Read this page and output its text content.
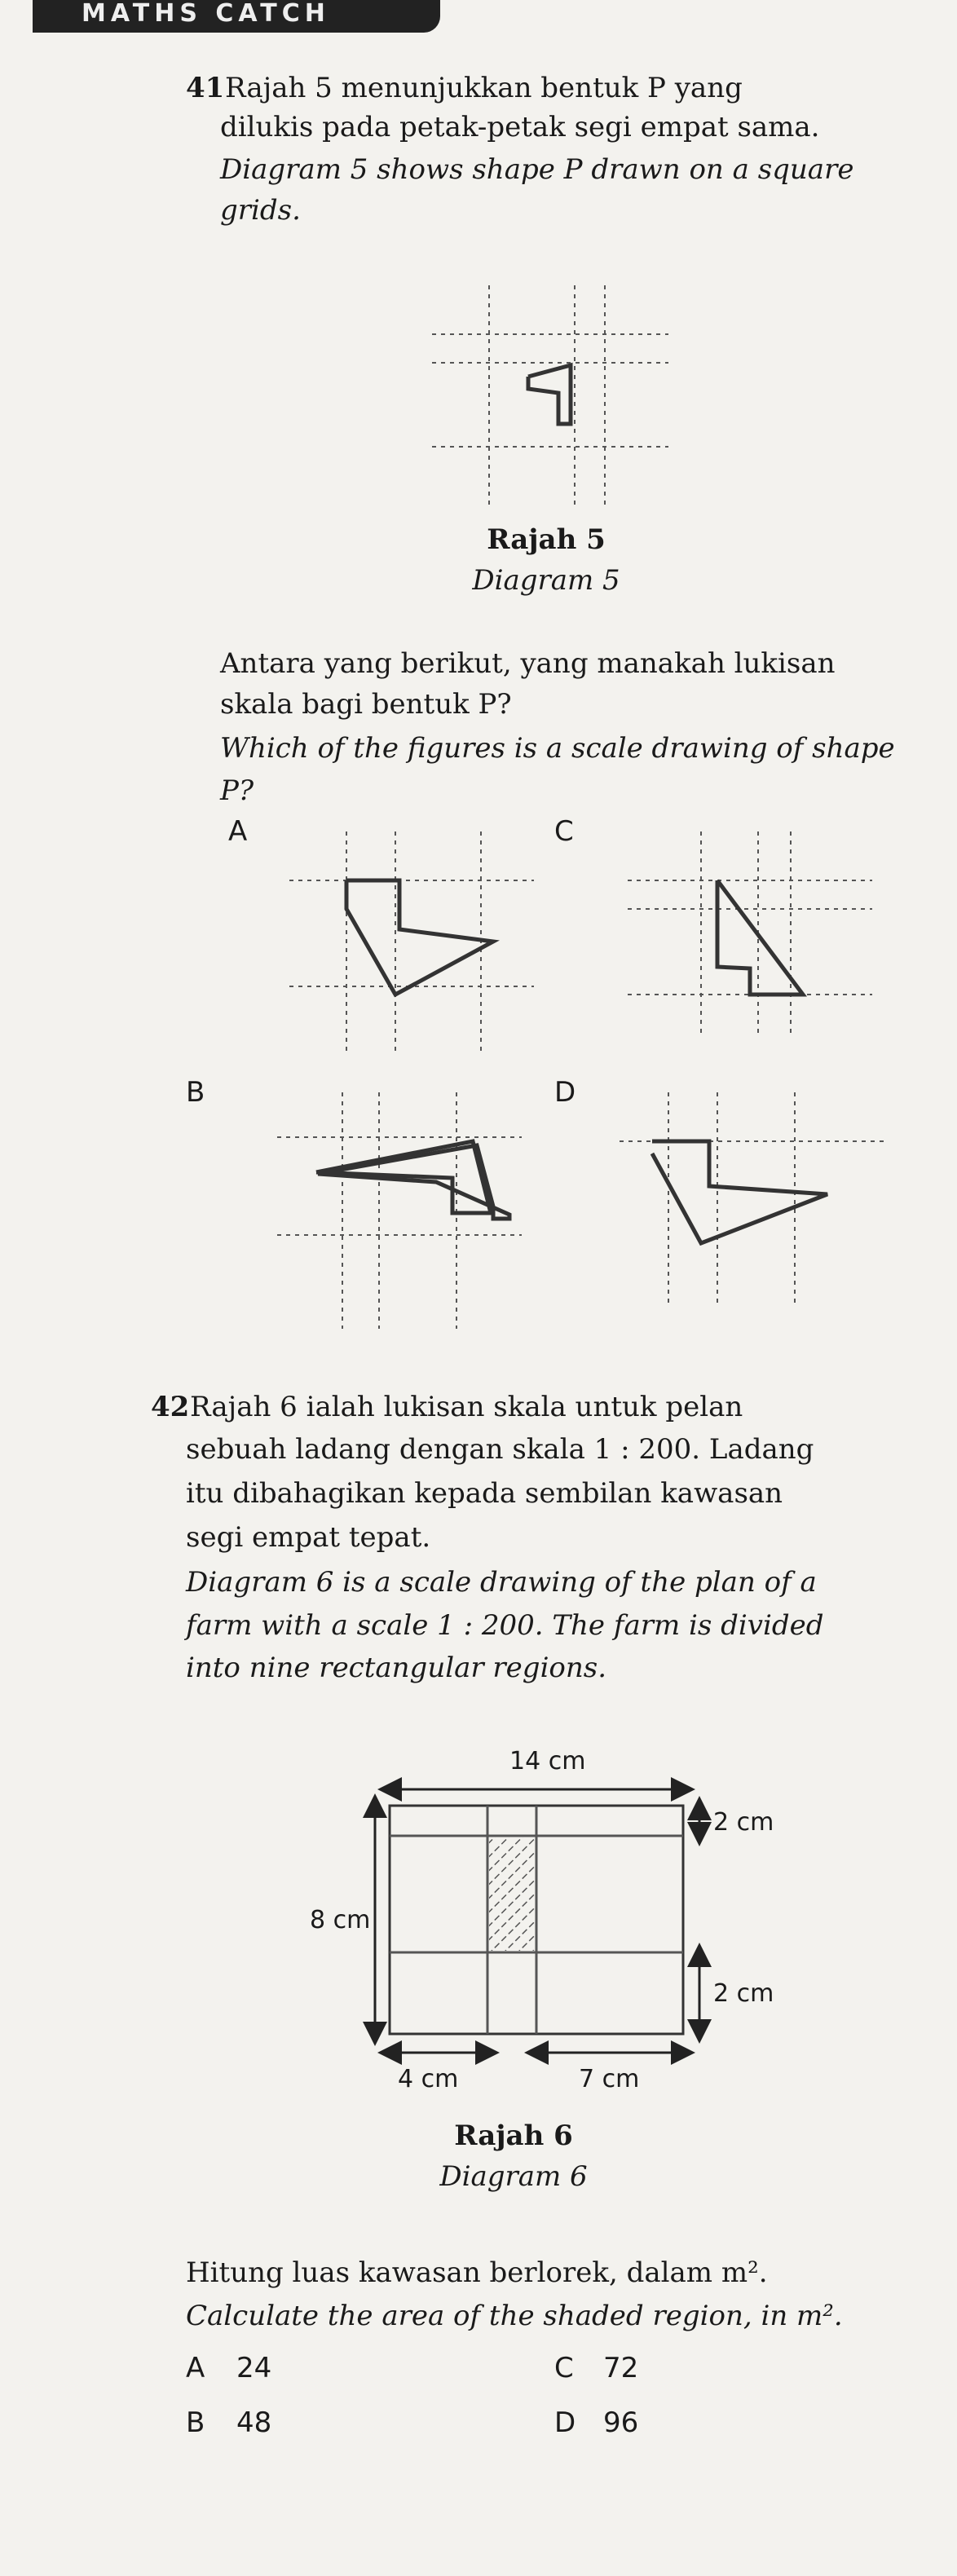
MATHS CATCH
41 Rajah 5 menunjukkan bentuk P yang
dilukis pada petak-petak segi empat sama.
Diagram 5 shows shape P drawn on a square
grids.
Rajah 5
Diagram 5
Antara yang berikut, yang manakah lukisan
skala bagi bentuk P?
Which of the figures is a scale drawing of shape
P?
A	C
B	D
42 Rajah 6 ialah lukisan skala untuk pelan
sebuah ladang dengan skala 1 : 200. Ladang
itu dibahagikan kepada sembilan kawasan
segi empat tepat.
Diagram 6 is a scale drawing of the plan of a
farm with a scale 1 : 200. The farm is divided
into nine rectangular regions.
14 cm
8 cm
2 cm
2 cm
4 cm	7 cm
Rajah 6
Diagram 6
Hitung luas kawasan berlorek, dalam m².
Calculate the area of the shaded region, in m².
A 24	C 72
B 48	D 96
